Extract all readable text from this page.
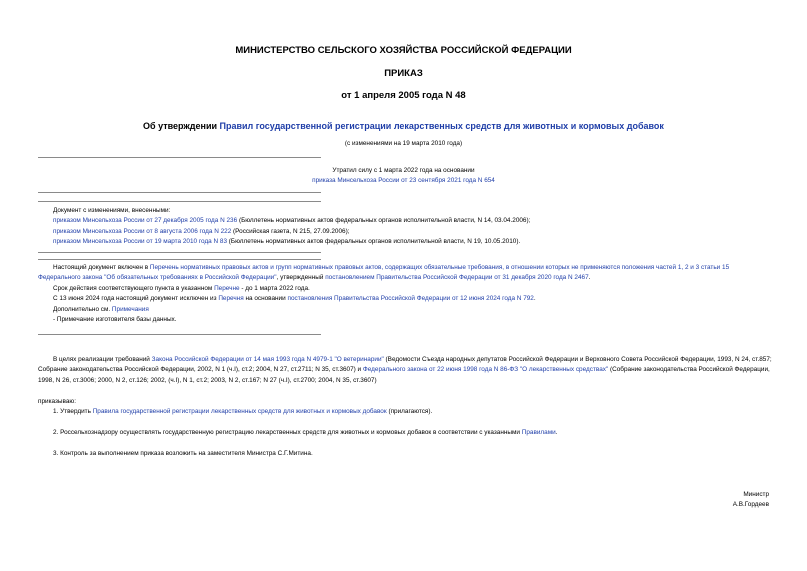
МИНИСТЕРСТВО СЕЛЬСКОГО ХОЗЯЙСТВА РОССИЙСКОЙ ФЕДЕРАЦИИ
ПРИКАЗ
от 1 апреля 2005 года N 48
Об утверждении Правил государственной регистрации лекарственных средств для животных и кормовых добавок
(с изменениями на 19 марта 2010 года)
Утратил силу с 1 марта 2022 года на основании
приказа Минсельхоза России от 23 сентября 2021 года N 654

Документ с изменениями, внесенными:

приказом Минсельхоза России от 27 декабря 2005 года N 236 (Бюллетень нормативных актов федеральных органов исполнительной власти, N 14, 03.04.2006);

приказом Минсельхоза России от 8 августа 2006 года N 222 (Российская газета, N 215, 27.09.2006);

приказом Минсельхоза России от 19 марта 2010 года N 83 (Бюллетень нормативных актов федеральных органов исполнительной власти, N 19, 10.05.2010).

Настоящий документ включен в Перечень нормативных правовых актов и групп нормативных правовых актов, содержащих обязательные требования, в отношении которых не применяются положения частей 1, 2 и 3 статьи 15 Федерального закона "Об обязательных требованиях в Российской Федерации", утвержденный постановлением Правительства Российской Федерации от 31 декабря 2020 года N 2467.

Срок действия соответствующего пункта в указанном Перечне - до 1 марта 2022 года.

С 13 июня 2024 года настоящий документ исключен из Перечня на основании постановления Правительства Российской Федерации от 12 июня 2024 года N 792.

Дополнительно см. Примечания

- Примечание изготовителя базы данных.

В целях реализации требований Закона Российской Федерации от 14 мая 1993 года N 4979-1 "О ветеринарии" (Ведомости Съезда народных депутатов Российской Федерации и Верховного Совета Российской Федерации, 1993, N 24, ст.857; Собрание законодательства Российской Федерации, 2002, N 1 (ч.I), ст.2; 2004, N 27, ст.2711; N 35, ст.3607) и Федерального закона от 22 июня 1998 года N 86-ФЗ "О лекарственных средствах" (Собрание законодательства Российской Федерации, 1998, N 26, ст.3006; 2000, N 2, ст.126; 2002, (ч.I), N 1, ст.2; 2003, N 2, ст.167; N 27 (ч.I), ст.2700; 2004, N 35, ст.3607)

приказываю:

1. Утвердить Правила государственной регистрации лекарственных средств для животных и кормовых добавок (прилагаются).

2. Россельхознадзору осуществлять государственную регистрацию лекарственных средств для животных и кормовых добавок в соответствии с указанными Правилами.

3. Контроль за выполнением приказа возложить на заместителя Министра С.Г.Митина.

Министр
А.В.Гордеев
